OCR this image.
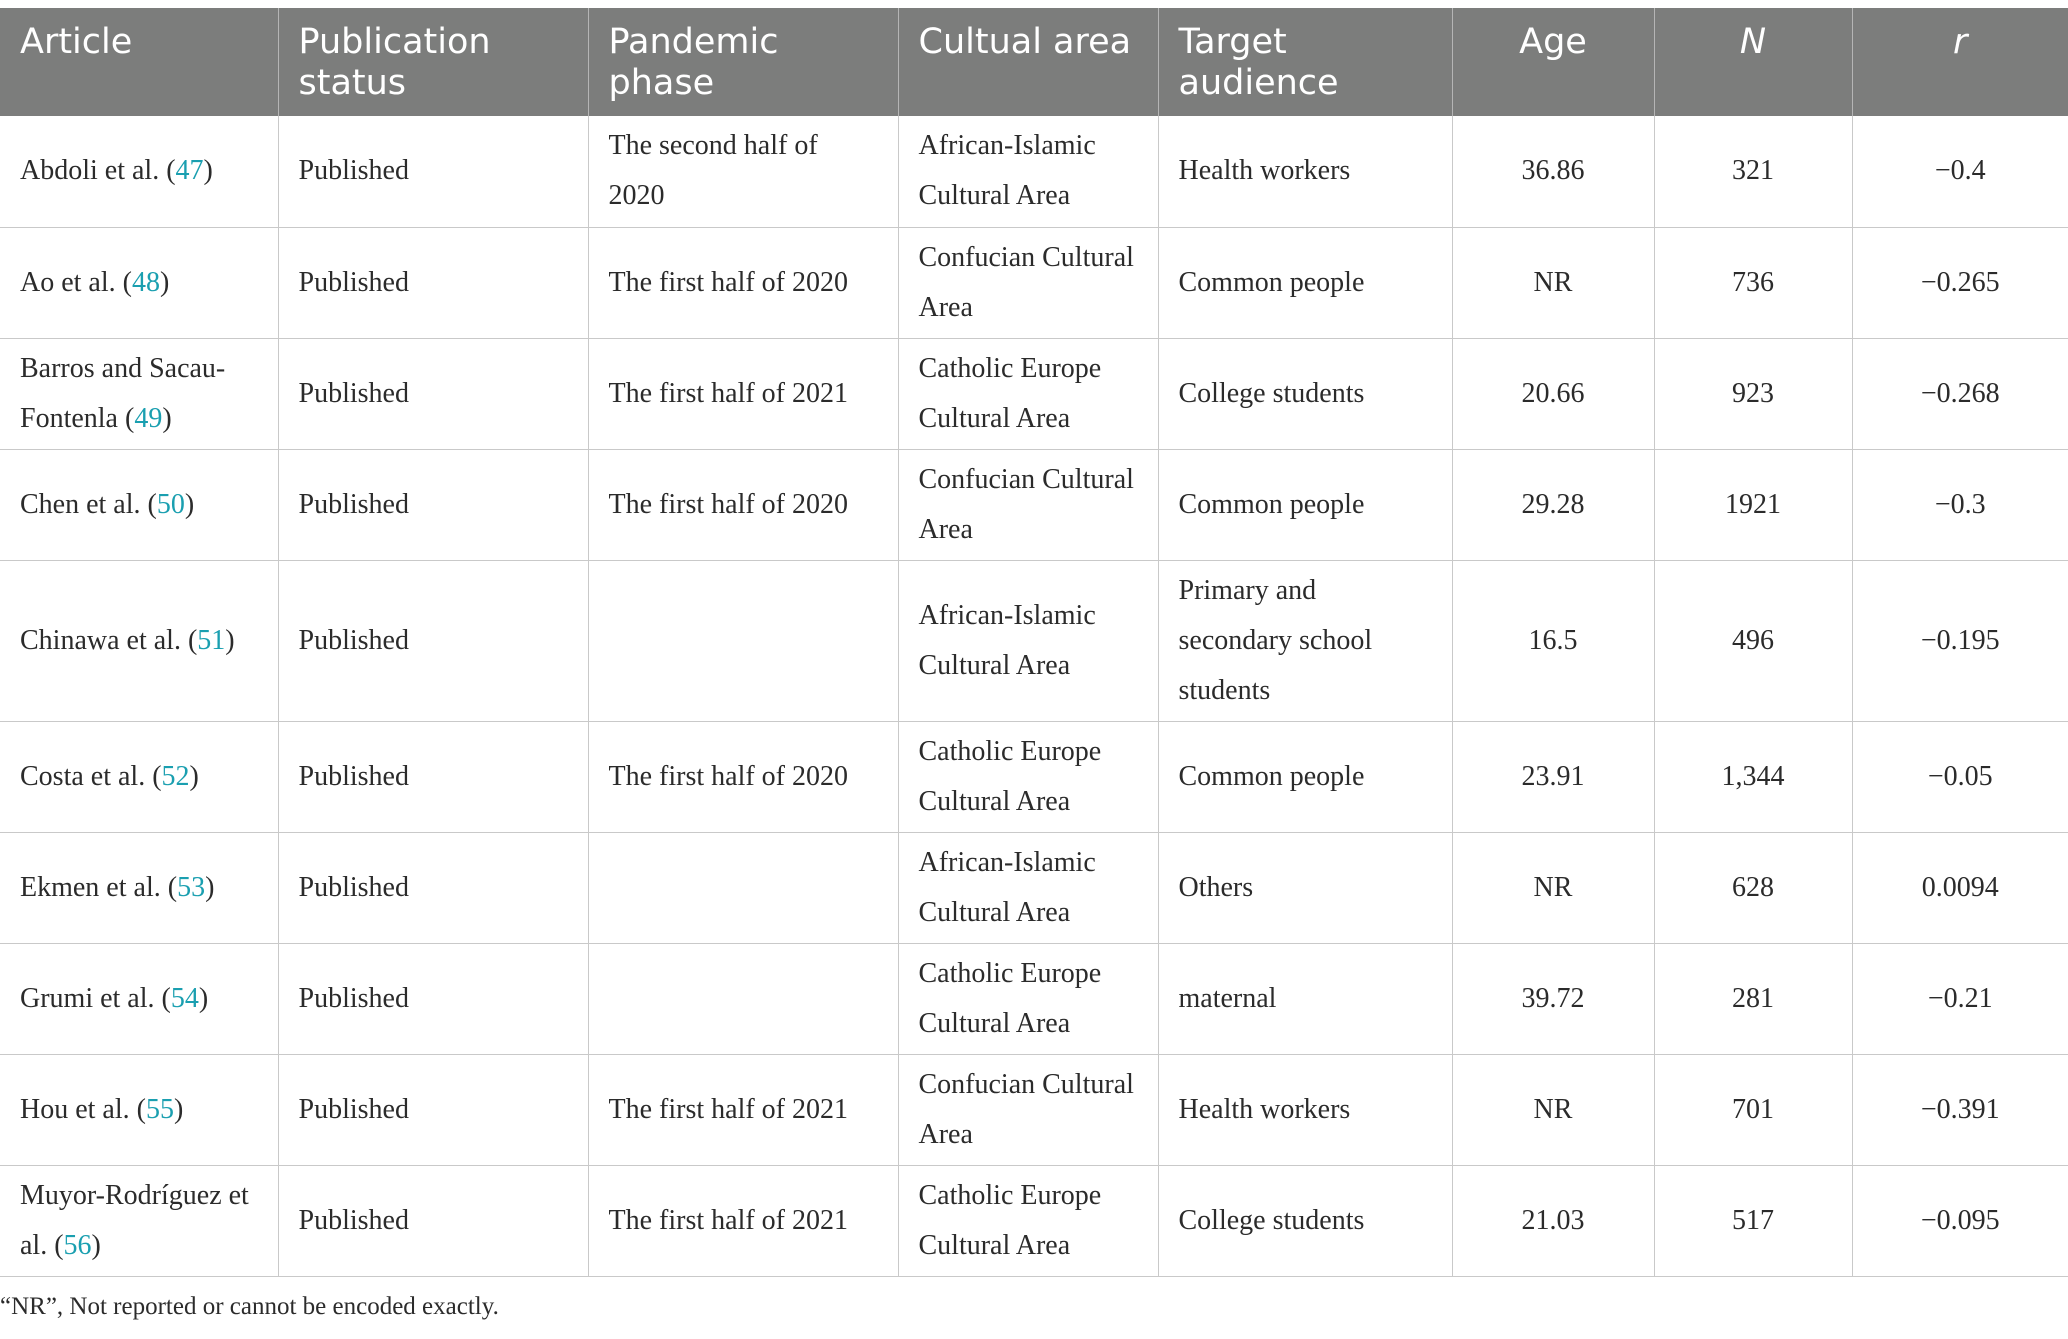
Article	Publication status	Pandemic phase	Cultual area	Target audience	Age	N	r
Abdoli et al. (47)	Published	The second half of 2020	African-Islamic Cultural Area	Health workers	36.86	321	−0.4
Ao et al. (48)	Published	The first half of 2020	Confucian Cultural Area	Common people	NR	736	−0.265
Barros and Sacau-Fontenla (49)	Published	The first half of 2021	Catholic Europe Cultural Area	College students	20.66	923	−0.268
Chen et al. (50)	Published	The first half of 2020	Confucian Cultural Area	Common people	29.28	1921	−0.3
Chinawa et al. (51)	Published		African-Islamic Cultural Area	Primary and secondary school students	16.5	496	−0.195
Costa et al. (52)	Published	The first half of 2020	Catholic Europe Cultural Area	Common people	23.91	1,344	−0.05
Ekmen et al. (53)	Published		African-Islamic Cultural Area	Others	NR	628	0.0094
Grumi et al. (54)	Published		Catholic Europe Cultural Area	maternal	39.72	281	−0.21
Hou et al. (55)	Published	The first half of 2021	Confucian Cultural Area	Health workers	NR	701	−0.391
Muyor-Rodríguez et al. (56)	Published	The first half of 2021	Catholic Europe Cultural Area	College students	21.03	517	−0.095
“NR”, Not reported or cannot be encoded exactly.
